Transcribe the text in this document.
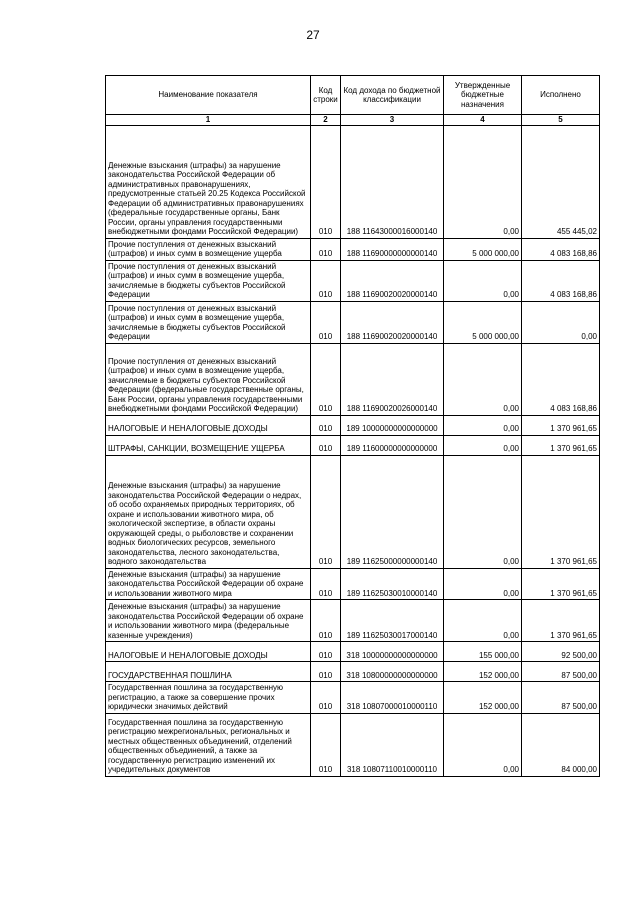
27
Наименование показателя	Код строки	Код дохода по бюджетной классификации	Утвержденные бюджетные назначения	Исполнено
1	2	3	4	5
Денежные взыскания (штрафы) за нарушение законодательства Российской Федерации об административных правонарушениях, предусмотренные статьей 20.25 Кодекса Российской Федерации об административных правонарушениях (федеральные государственные органы, Банк России, органы управления государственными внебюджетными фондами Российской Федерации)	010	188 11643000016000140	0,00	455 445,02
Прочие поступления от денежных взысканий (штрафов) и иных сумм в возмещение ущерба	010	188 11690000000000140	5 000 000,00	4 083 168,86
Прочие поступления от денежных взысканий (штрафов) и иных сумм в возмещение ущерба, зачисляемые в бюджеты субъектов Российской Федерации	010	188 11690020020000140	0,00	4 083 168,86
Прочие поступления от денежных взысканий (штрафов) и иных сумм в возмещение ущерба, зачисляемые в бюджеты субъектов Российской Федерации	010	188 11690020020000140	5 000 000,00	0,00
Прочие поступления от денежных взысканий (штрафов) и иных сумм в возмещение ущерба, зачисляемые в бюджеты субъектов Российской Федерации (федеральные государственные органы, Банк России, органы управления государственными внебюджетными фондами Российской Федерации)	010	188 11690020026000140	0,00	4 083 168,86
НАЛОГОВЫЕ И НЕНАЛОГОВЫЕ ДОХОДЫ	010	189 10000000000000000	0,00	1 370 961,65
ШТРАФЫ, САНКЦИИ, ВОЗМЕЩЕНИЕ УЩЕРБА	010	189 11600000000000000	0,00	1 370 961,65
Денежные взыскания (штрафы) за нарушение законодательства Российской Федерации о недрах, об особо охраняемых природных территориях, об охране и использовании животного мира, об экологической экспертизе, в области охраны окружающей среды, о рыболовстве и сохранении водных биологических ресурсов, земельного законодательства, лесного законодательства, водного законодательства	010	189 11625000000000140	0,00	1 370 961,65
Денежные взыскания (штрафы) за нарушение законодательства Российской Федерации об охране и использовании животного мира	010	189 11625030010000140	0,00	1 370 961,65
Денежные взыскания (штрафы) за нарушение законодательства Российской Федерации об охране и использовании животного мира (федеральные казенные учреждения)	010	189 11625030017000140	0,00	1 370 961,65
НАЛОГОВЫЕ И НЕНАЛОГОВЫЕ ДОХОДЫ	010	318 10000000000000000	155 000,00	92 500,00
ГОСУДАРСТВЕННАЯ ПОШЛИНА	010	318 10800000000000000	152 000,00	87 500,00
Государственная пошлина за государственную регистрацию, а также за совершение прочих юридически значимых действий	010	318 10807000010000110	152 000,00	87 500,00
Государственная пошлина за государственную регистрацию межрегиональных, региональных и местных общественных объединений, отделений общественных объединений, а также за государственную регистрацию изменений их учредительных документов	010	318 10807110010000110	0,00	84 000,00
